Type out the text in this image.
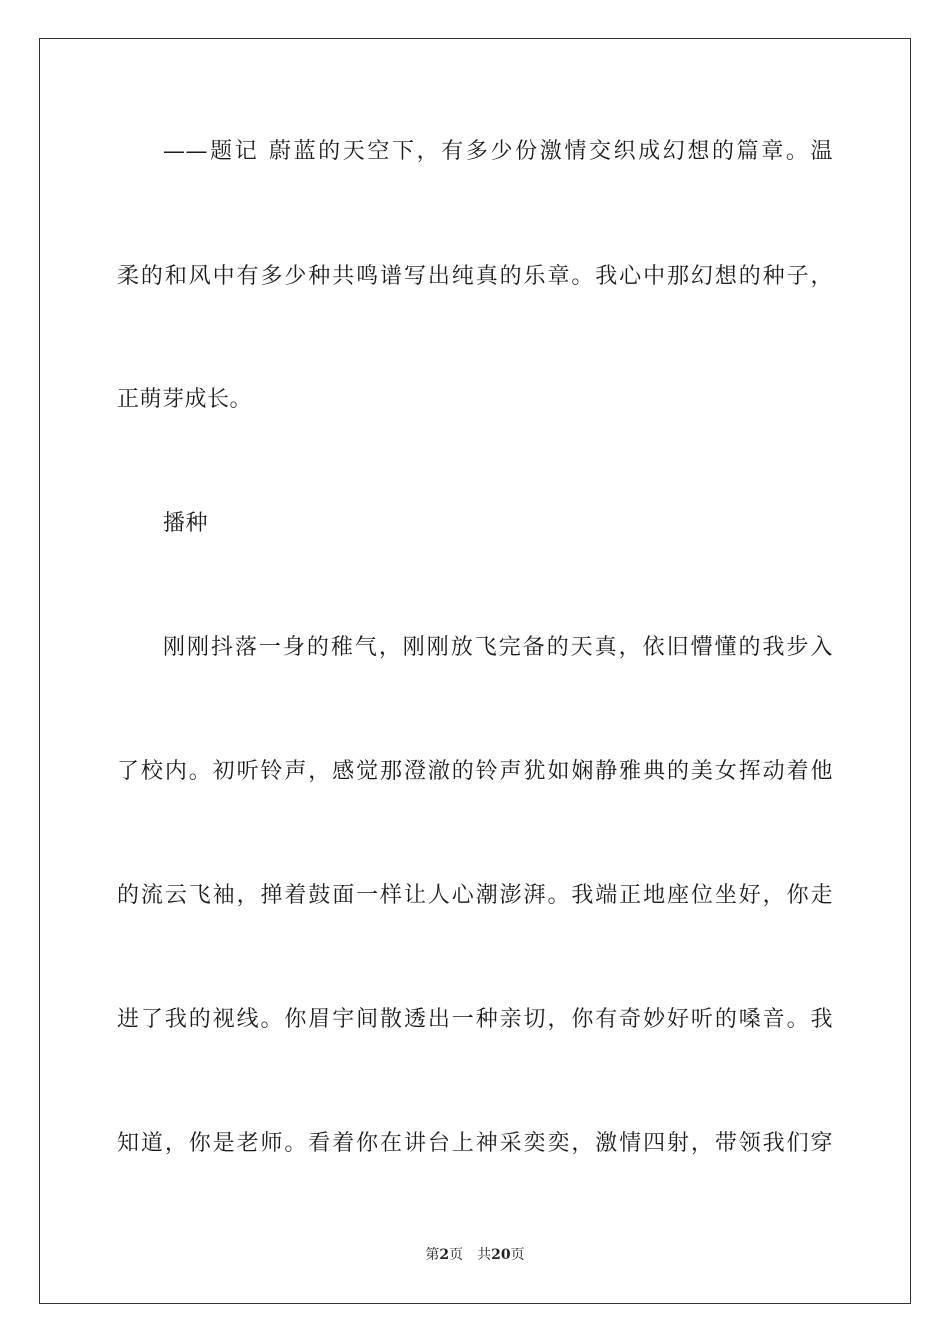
——题记 蔚蓝的天空下，有多少份激情交织成幻想的篇章。温
柔的和风中有多少种共鸣谱写出纯真的乐章。我心中那幻想的种子，
正萌芽成长。
播种
刚刚抖落一身的稚气，刚刚放飞完备的天真，依旧懵懂的我步入
了校内。初听铃声，感觉那澄澈的铃声犹如娴静雅典的美女挥动着他
的流云飞袖，掸着鼓面一样让人心潮澎湃。我端正地座位坐好，你走
进了我的视线。你眉宇间散透出一种亲切，你有奇妙好听的嗓音。我
知道，你是老师。看着你在讲台上神采奕奕，激情四射，带领我们穿
第2页 共20页
